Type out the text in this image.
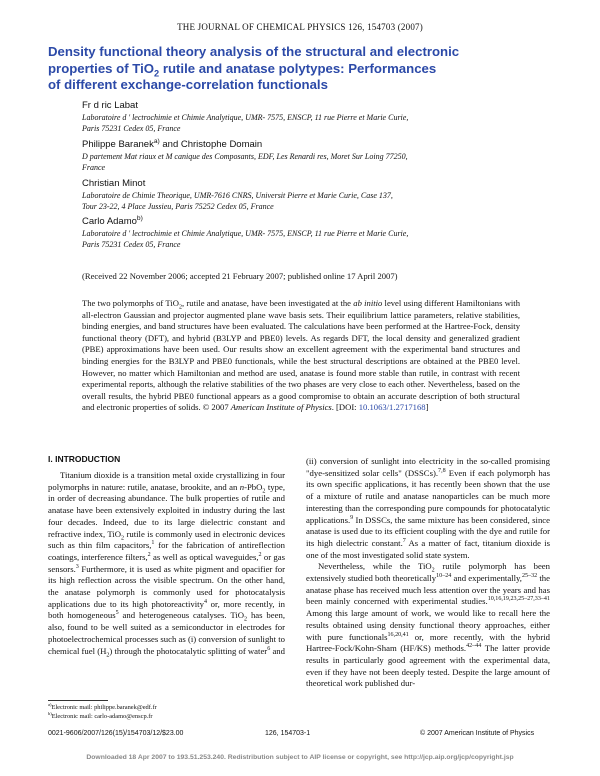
THE JOURNAL OF CHEMICAL PHYSICS 126, 154703 (2007)
Density functional theory analysis of the structural and electronic
properties of TiO$_2$ rutile and anatase polytypes: Performances
of different exchange-correlation functionals
Fr d ric Labat
Laboratoire d ' lectrochimie et Chimie Analytique, UMR- 7575, ENSCP, 11 rue Pierre et Marie Curie,
Paris 75231 Cedex 05, France
Philippe Baranek$^{a)}$ and Christophe Domain
D partement Mat riaux et M canique des Composants, EDF, Les Renardi res, Moret Sur Loing 77250,
France
Christian Minot
Laboratoire de Chimie Theorique, UMR-7616 CNRS, Universit Pierre et Marie Curie, Case 137,
Tour 23-22, 4 Place Jussieu, Paris 75252 Cedex 05, France
Carlo Adamo$^{b)}$
Laboratoire d ' lectrochimie et Chimie Analytique, UMR- 7575, ENSCP, 11 rue Pierre et Marie Curie,
Paris 75231 Cedex 05, France
(Received 22 November 2006; accepted 21 February 2007; published online 17 April 2007)
The two polymorphs of TiO$_2$, rutile and anatase, have been investigated at the ab initio level using different Hamiltonians with all-electron Gaussian and projector augmented plane wave basis sets. Their equilibrium lattice parameters, relative stabilities, binding energies, and band structures have been evaluated. The calculations have been performed at the Hartree-Fock, density functional theory (DFT), and hybrid (B3LYP and PBE0) levels. As regards DFT, the local density and generalized gradient (PBE) approximations have been used. Our results show an excellent agreement with the experimental band structures and binding energies for the B3LYP and PBE0 functionals, while the best structural descriptions are obtained at the PBE0 level. However, no matter which Hamiltonian and method are used, anatase is found more stable than rutile, in contrast with recent experimental reports, although the relative stabilities of the two phases are very close to each other. Nevertheless, based on the overall results, the hybrid PBE0 functional appears as a good compromise to obtain an accurate description of both structural and electronic properties of solids. © 2007 American Institute of Physics. [DOI: 10.1063/1.2717168]
I. INTRODUCTION
Titanium dioxide is a transition metal oxide crystallizing in four polymorphs in nature: rutile, anatase, brookite, and an n-PbO$_2$ type, in order of decreasing abundance. The bulk properties of rutile and anatase have been extensively exploited in industry during the last four decades. Indeed, due to its large dielectric constant and refractive index, TiO$_2$ rutile is commonly used in electronic devices such as thin film capacitors,$^1$ for the fabrication of antireflection coatings, interference filters,$^2$ as well as optical waveguides,$^2$ or gas sensors.$^3$ Furthermore, it is used as white pigment and opacifier for its high reflection across the visible spectrum. On the other hand, the anatase polymorph is commonly used for photocatalysis applications due to its high photoreactivity$^4$ or, more recently, in both homogeneous$^5$ and heterogeneous catalyses. TiO$_2$ has been, also, found to be well suited as a semiconductor in electrodes for photoelectrochemical processes such as (i) conversion of sunlight to chemical fuel $(H_2)$ through the photocatalytic splitting of water$^6$ and

(ii) conversion of sunlight into electricity in the so-called promising "dye-sensitized solar cells" (DSSCs).$^{7,8}$ Even if each polymorph has its own specific applications, it has recently been shown that the use of a mixture of rutile and anatase nanoparticles can be much more interesting than the corresponding pure compounds for photocatalytic applications.$^9$ In DSSCs, the same mixture has been considered, since anatase is used due to its efficient coupling with the dye and rutile for its high dielectric constant.$^7$ As a matter of fact, titanium dioxide is one of the most investigated solid state system.

Nevertheless, while the TiO$_2$ rutile polymorph has been extensively studied both theoretically$^{10-24}$ and experimentally,$^{25-32}$ the anatase phase has received much less attention over the years and has been mainly concerned with experimental studies.$^{10,16,19,23,25-27,33-41}$ Among this large amount of work, we would like to recall here the results obtained using density functional theory approaches, either with pure functionals$^{16,20,41}$ or, more recently, with the hybrid Hartree-Fock/Kohn-Sham (HF/KS) methods.$^{42-44}$ The latter provide results in particularly good agreement with the experimental data, even if they have not been deeply tested. Despite the large amount of theoretical work published dur-

$^{a)}$Electronic mail: philippe.baranek@edf.fr
$^{b)}$Electronic mail: carlo-adamo@enscp.fr
0021-9606/2007/126(15)/154703/12/$23.00	126, 154703-1	© 2007 American Institute of Physics
Downloaded 18 Apr 2007 to 193.51.253.240. Redistribution subject to AIP license or copyright, see http://jcp.aip.org/jcp/copyright.jsp
